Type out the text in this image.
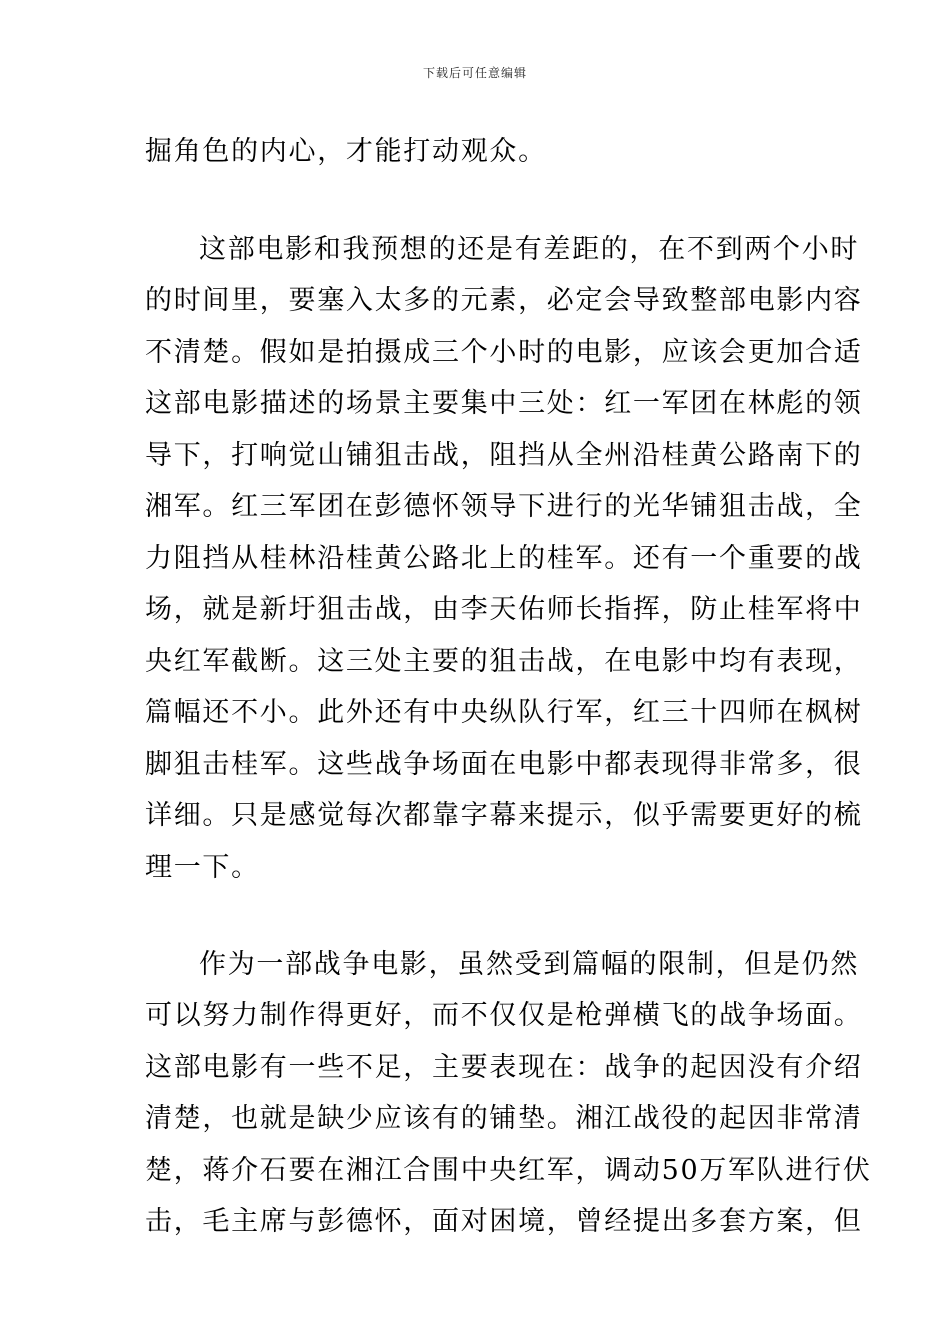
下载后可任意编辑
掘角色的内心，才能打动观众。
这部电影和我预想的还是有差距的，在不到两个小时
的时间里，要塞入太多的元素，必定会导致整部电影内容
不清楚。假如是拍摄成三个小时的电影，应该会更加合适
这部电影描述的场景主要集中三处：红一军团在林彪的领
导下，打响觉山铺狙击战，阻挡从全州沿桂黄公路南下的
湘军。红三军团在彭德怀领导下进行的光华铺狙击战，全
力阻挡从桂林沿桂黄公路北上的桂军。还有一个重要的战
场，就是新圩狙击战，由李天佑师长指挥，防止桂军将中
央红军截断。这三处主要的狙击战，在电影中均有表现，
篇幅还不小。此外还有中央纵队行军，红三十四师在枫树
脚狙击桂军。这些战争场面在电影中都表现得非常多，很
详细。只是感觉每次都靠字幕来提示，似乎需要更好的梳
理一下。
作为一部战争电影，虽然受到篇幅的限制，但是仍然
可以努力制作得更好，而不仅仅是枪弹横飞的战争场面。
这部电影有一些不足，主要表现在：战争的起因没有介绍
清楚，也就是缺少应该有的铺垫。湘江战役的起因非常清
楚，蒋介石要在湘江合围中央红军，调动50万军队进行伏
击，毛主席与彭德怀，面对困境，曾经提出多套方案，但
